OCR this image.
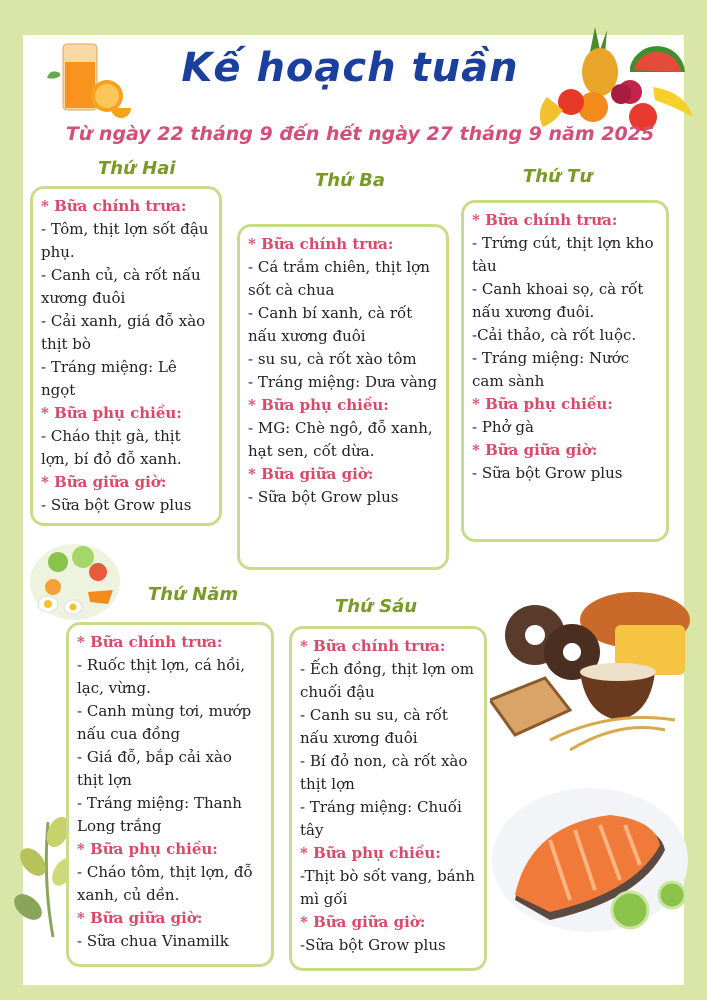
Kế hoạch tuần
Từ ngày 22 tháng 9 đến hết ngày 27 tháng 9 năm 2025
Thứ Hai
Thứ Ba	Thứ Tư
Thứ Năm
Thứ Sáu

* Bữa chính trưa:

- Tôm, thịt lợn sốt đậu phụ.

- Canh củ, cà rốt nấu xương đuôi

- Cải xanh, giá đỗ xào thịt bò

- Tráng miệng: Lê ngọt

* Bữa phụ chiều:

- Cháo thịt gà, thịt lợn, bí đỏ đỗ xanh.

* Bữa giữa giờ:

- Sữa bột Grow plus

* Bữa chính trưa:

- Cá trắm chiên, thịt lợn sốt cà chua

- Canh bí xanh, cà rốt nấu xương đuôi

- su su, cà rốt xào tôm

- Tráng miệng: Dưa vàng

* Bữa phụ chiều:

- MG: Chè ngô, đỗ xanh, hạt sen, cốt dừa.

* Bữa giữa giờ:

- Sữa bột Grow plus

* Bữa chính trưa:

- Trứng cút, thịt lợn kho tàu

- Canh khoai sọ, cà rốt nấu xương đuôi.

-Cải thảo, cà rốt luộc.

- Tráng miệng: Nước cam sành

* Bữa phụ chiều:

- Phở gà

* Bữa giữa giờ:

- Sữa bột Grow plus

* Bữa chính trưa:

- Ruốc thịt lợn, cá hồi, lạc, vừng.

- Canh mùng tơi, mướp nấu cua đồng

- Giá đỗ, bắp cải xào thịt lợn

- Tráng miệng: Thanh Long trắng

* Bữa phụ chiều:

- Cháo tôm, thịt lợn, đỗ xanh, củ dền.

* Bữa giữa giờ:

- Sữa chua Vinamilk

* Bữa chính trưa:

- Ếch đồng, thịt lợn om chuối đậu

- Canh su su, cà rốt nấu xương đuôi

- Bí đỏ non, cà rốt xào thịt lợn

- Tráng miệng: Chuối tây

* Bữa phụ chiều:

-Thịt bò sốt vang, bánh mì gối

* Bữa giữa giờ:

-Sữa bột Grow plus
